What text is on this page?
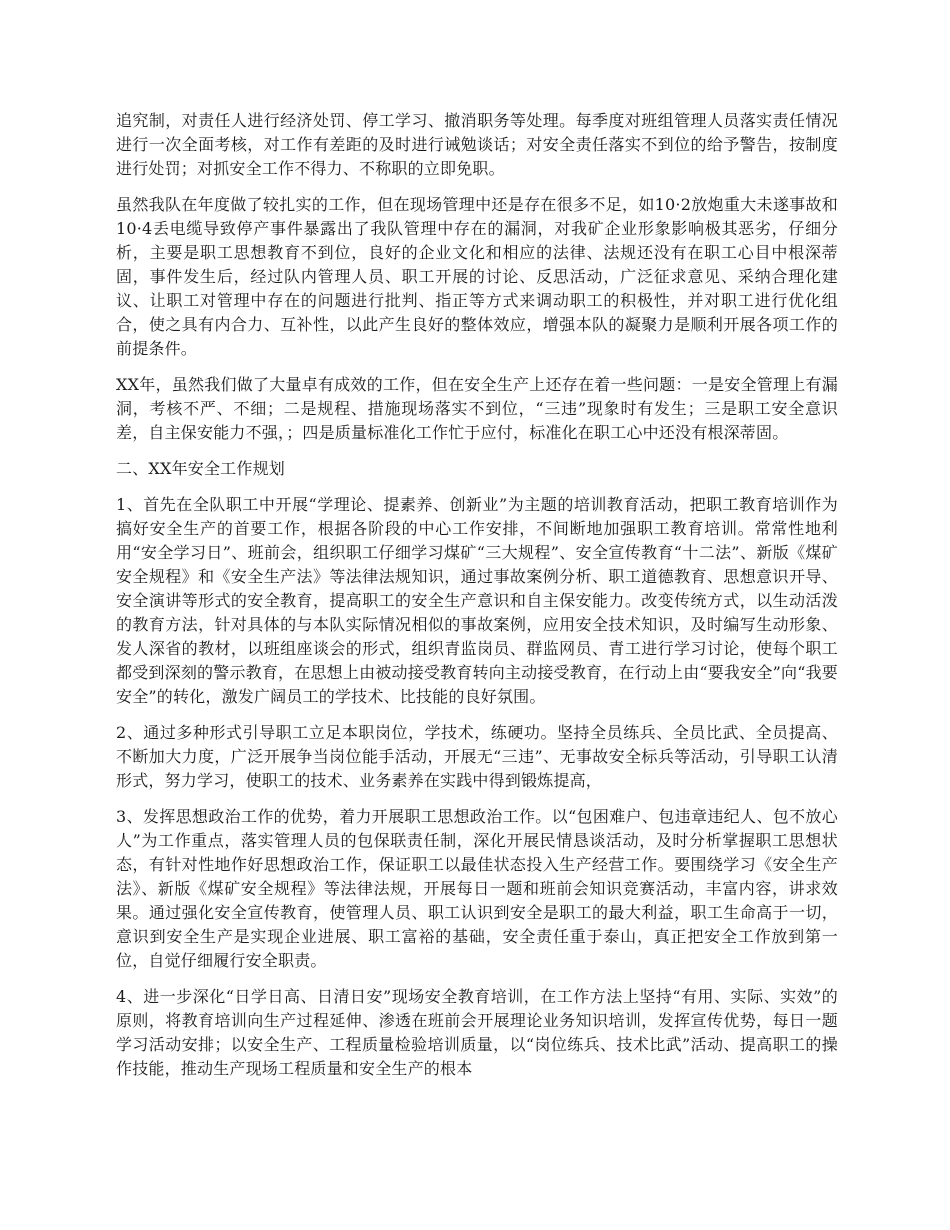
追究制，对责任人进行经济处罚、停工学习、撤消职务等处理。每季度对班组管理人员落实责任情况进行一次全面考核，对工作有差距的及时进行诫勉谈话；对安全责任落实不到位的给予警告，按制度进行处罚；对抓安全工作不得力、不称职的立即免职。

虽然我队在年度做了较扎实的工作，但在现场管理中还是存在很多不足，如10·2放炮重大未遂事故和10·4丢电缆导致停产事件暴露出了我队管理中存在的漏洞，对我矿企业形象影响极其恶劣，仔细分析，主要是职工思想教育不到位，良好的企业文化和相应的法律、法规还没有在职工心目中根深蒂固，事件发生后，经过队内管理人员、职工开展的讨论、反思活动，广泛征求意见、采纳合理化建议、让职工对管理中存在的问题进行批判、指正等方式来调动职工的积极性，并对职工进行优化组合，使之具有内合力、互补性，以此产生良好的整体效应，增强本队的凝聚力是顺利开展各项工作的前提条件。

XX年，虽然我们做了大量卓有成效的工作，但在安全生产上还存在着一些问题：一是安全管理上有漏洞，考核不严、不细；二是规程、措施现场落实不到位，“三违”现象时有发生；三是职工安全意识差，自主保安能力不强，；四是质量标准化工作忙于应付，标准化在职工心中还没有根深蒂固。

二、XX年安全工作规划

1、首先在全队职工中开展“学理论、提素养、创新业”为主题的培训教育活动，把职工教育培训作为搞好安全生产的首要工作，根据各阶段的中心工作安排，不间断地加强职工教育培训。常常性地利用“安全学习日”、班前会，组织职工仔细学习煤矿“三大规程”、安全宣传教育“十二法”、新版《煤矿安全规程》和《安全生产法》等法律法规知识，通过事故案例分析、职工道德教育、思想意识开导、安全演讲等形式的安全教育，提高职工的安全生产意识和自主保安能力。改变传统方式，以生动活泼的教育方法，针对具体的与本队实际情况相似的事故案例，应用安全技术知识，及时编写生动形象、发人深省的教材，以班组座谈会的形式，组织青监岗员、群监网员、青工进行学习讨论，使每个职工都受到深刻的警示教育，在思想上由被动接受教育转向主动接受教育，在行动上由“要我安全”向“我要安全”的转化，激发广阔员工的学技术、比技能的良好氛围。

2、通过多种形式引导职工立足本职岗位，学技术，练硬功。坚持全员练兵、全员比武、全员提高、不断加大力度，广泛开展争当岗位能手活动，开展无“三违”、无事故安全标兵等活动，引导职工认清形式，努力学习，使职工的技术、业务素养在实践中得到锻炼提高，

3、发挥思想政治工作的优势，着力开展职工思想政治工作。以“包困难户、包违章违纪人、包不放心人”为工作重点，落实管理人员的包保联责任制，深化开展民情恳谈活动，及时分析掌握职工思想状态，有针对性地作好思想政治工作，保证职工以最佳状态投入生产经营工作。要围绕学习《安全生产法》、新版《煤矿安全规程》等法律法规，开展每日一题和班前会知识竞赛活动，丰富内容，讲求效果。通过强化安全宣传教育，使管理人员、职工认识到安全是职工的最大利益，职工生命高于一切，意识到安全生产是实现企业进展、职工富裕的基础，安全责任重于泰山，真正把安全工作放到第一位，自觉仔细履行安全职责。

4、进一步深化“日学日高、日清日安”现场安全教育培训，在工作方法上坚持“有用、实际、实效”的原则，将教育培训向生产过程延伸、渗透在班前会开展理论业务知识培训，发挥宣传优势，每日一题学习活动安排；以安全生产、工程质量检验培训质量，以“岗位练兵、技术比武”活动、提高职工的操作技能，推动生产现场工程质量和安全生产的根本
